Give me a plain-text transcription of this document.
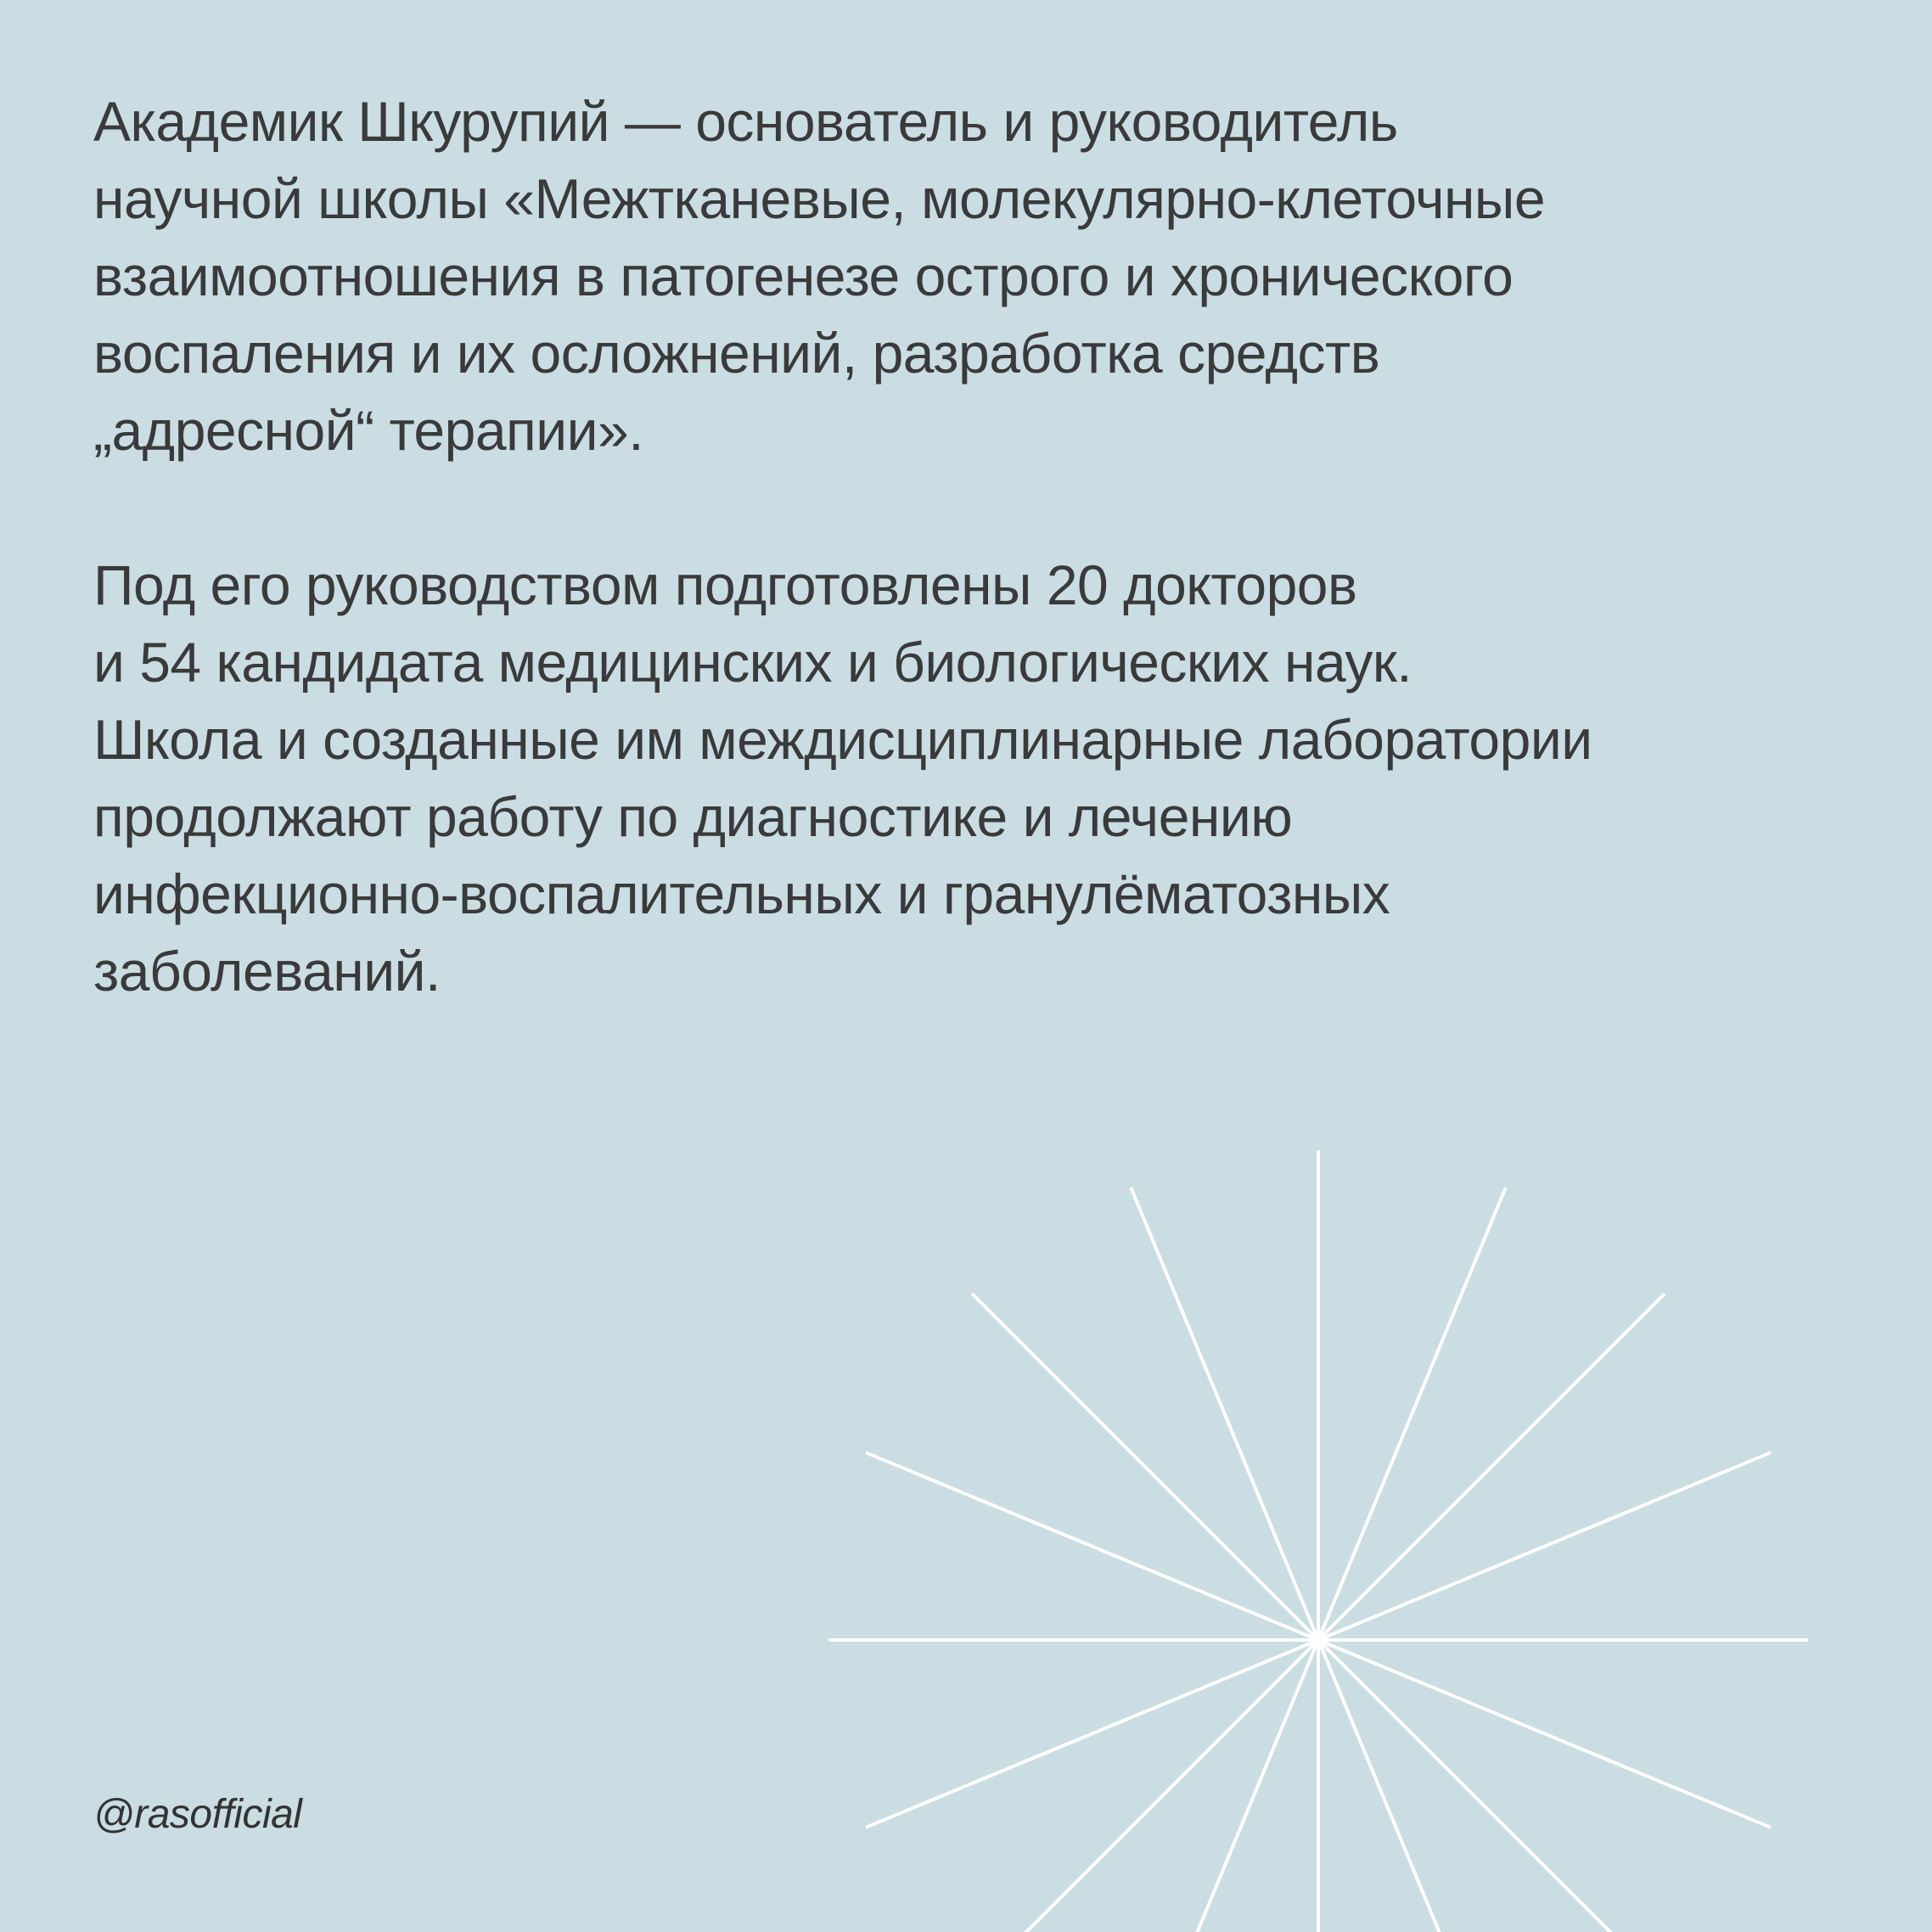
Академик Шкурупий — основатель и руководитель
научной школы «Межтканевые, молекулярно-клеточные
взаимоотношения в патогенезе острого и хронического
воспаления и их осложнений, разработка средств
„адресной“ терапии».
Под его руководством подготовлены 20 докторов
и 54 кандидата медицинских и биологических наук.
Школа и созданные им междисциплинарные лаборатории
продолжают работу по диагностике и лечению
инфекционно-воспалительных и гранулёматозных
заболеваний.
@rasofficial
